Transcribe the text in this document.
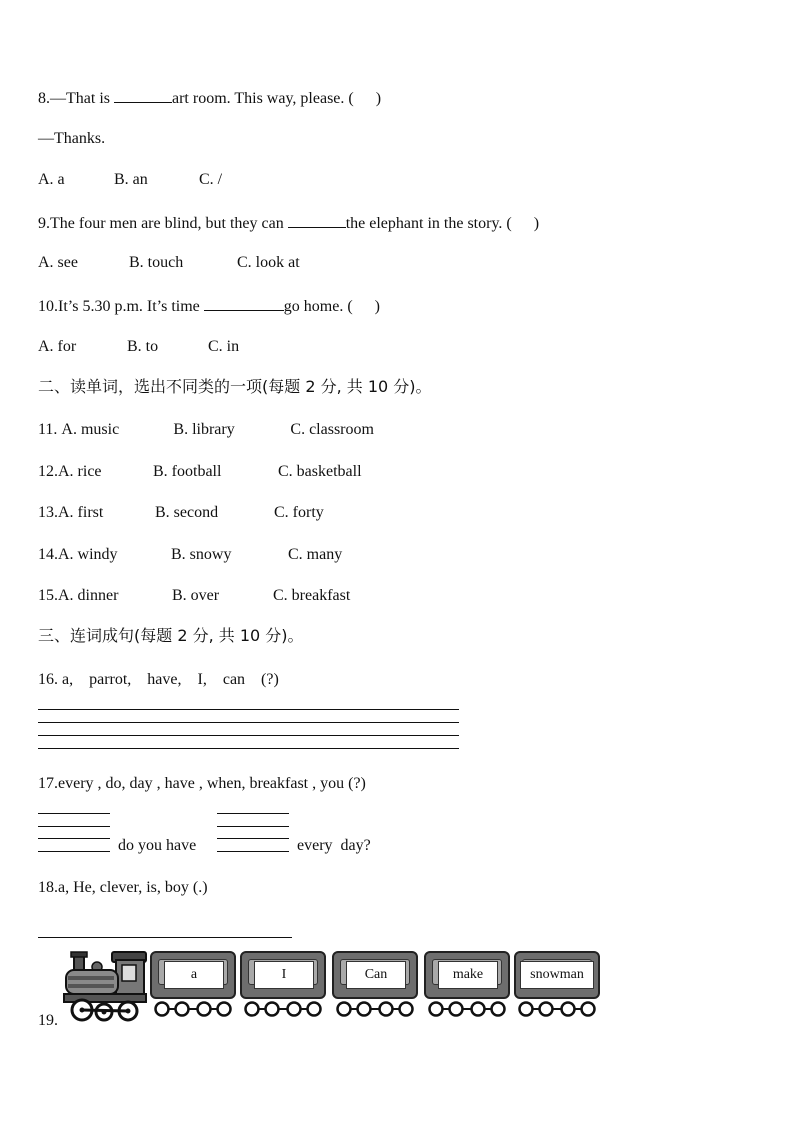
8.—That is	art room. This way, please. ( )
—Thanks.
A. a	B. an	C. /
9.The four men are blind, but they can	the elephant in the story. ( )
A. see	B. touch	C. look at
10.It’s 5.30 p.m. It’s time	go home. ( )
A. for	B. to	C. in
二、读单词，选出不同类的一项(每题 2 分, 共 10 分)。
11. A. music	B. library	C. classroom
12.A. rice	B. football	C. basketball
13.A. first	B. second	C. forty
14.A. windy	B. snowy	C. many
15.A. dinner	B. over	C. breakfast
三、连词成句(每题 2 分, 共 10 分)。
16. a,    parrot,    have,    I,    can    (?)
17.every , do, day , have , when, breakfast , you (?)
do you have	every  day?
18.a, He, clever, is, boy (.)
19.
a	I	Can	make	snowman
